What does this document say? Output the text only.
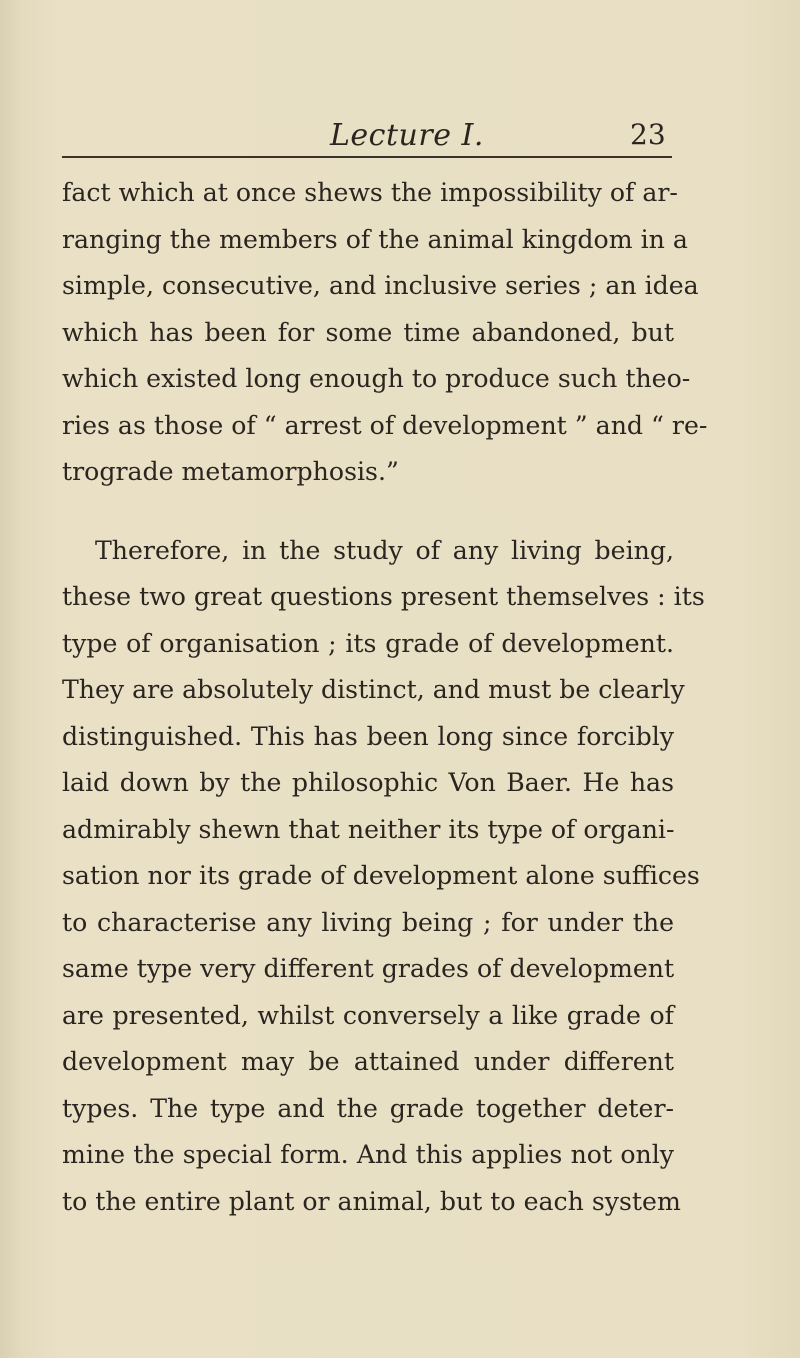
Lecture I.	23
fact which at once shews the impossibility of ar-
ranging the members of the animal kingdom in a
simple, consecutive, and inclusive series ; an idea
which has been for some time abandoned, but
which existed long enough to produce such theo-
ries as those of “ arrest of development ” and “ re-
trograde metamorphosis.”
Therefore, in the study of any living being,
these two great questions present themselves : its
type of organisation ; its grade of development.
They are absolutely distinct, and must be clearly
distinguished. This has been long since forcibly
laid down by the philosophic Von Baer. He has
admirably shewn that neither its type of organi-
sation nor its grade of development alone suffices
to characterise any living being ; for under the
same type very different grades of development
are presented, whilst conversely a like grade of
development may be attained under different
types. The type and the grade together deter-
mine the special form. And this applies not only
to the entire plant or animal, but to each system
